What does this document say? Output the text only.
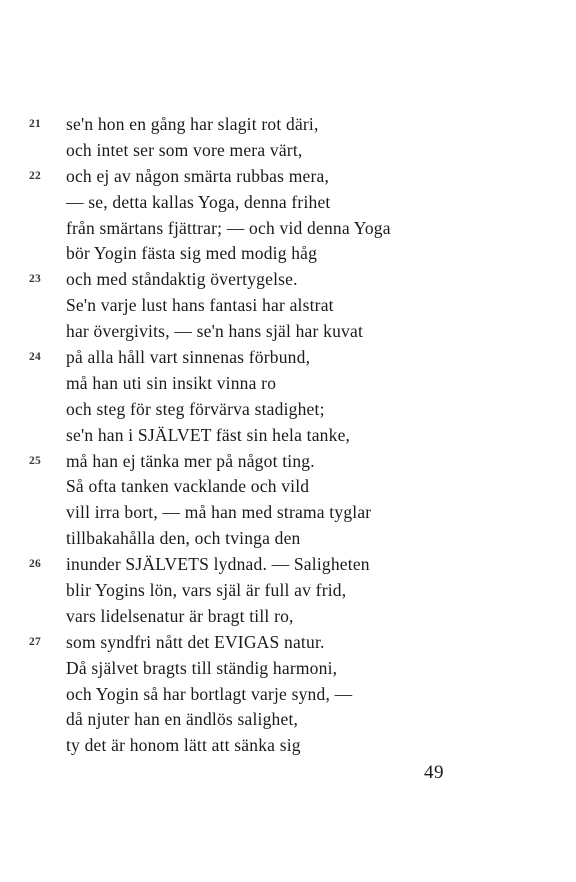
21	se'n hon en gång har slagit rot däri,
och intet ser som vore mera värt,
22	och ej av någon smärta rubbas mera,
— se, detta kallas Yoga, denna frihet
från smärtans fjättrar; — och vid denna Yoga
bör Yogin fästa sig med modig håg
23	och med ståndaktig övertygelse.
Se'n varje lust hans fantasi har alstrat
har övergivits, — se'n hans själ har kuvat
24	på alla håll vart sinnenas förbund,
må han uti sin insikt vinna ro
och steg för steg förvärva stadighet;
se'n han i SJÄLVET fäst sin hela tanke,
25	må han ej tänka mer på något ting.
Så ofta tanken vacklande och vild
vill irra bort, — må han med strama tyglar
tillbakahålla den, och tvinga den
26	inunder SJÄLVETS lydnad. — Saligheten
blir Yogins lön, vars själ är full av frid,
vars lidelsenatur är bragt till ro,
27	som syndfri nått det EVIGAS natur.
Då självet bragts till ständig harmoni,
och Yogin så har bortlagt varje synd, —
då njuter han en ändlös salighet,
ty det är honom lätt att sänka sig
49
